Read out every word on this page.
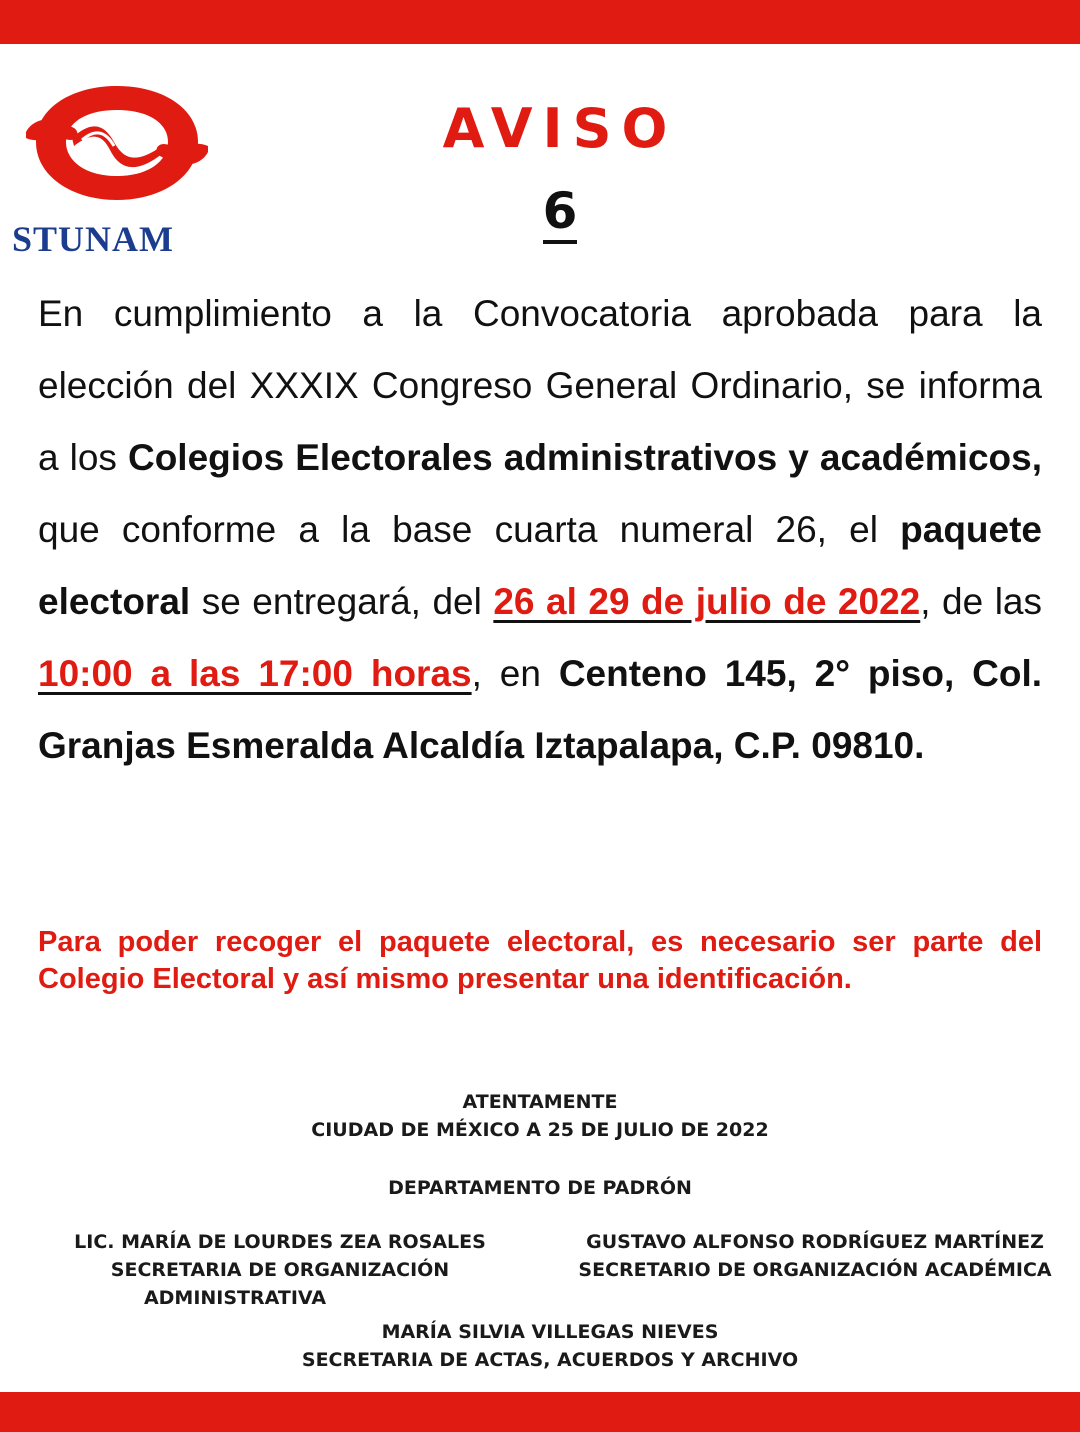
STUNAM
AVISO
6
En cumplimiento a la Convocatoria aprobada para la elección del XXXIX Congreso General Ordinario, se informa a los Colegios Electorales administrativos y académicos, que conforme a la base cuarta numeral 26, el paquete electoral se entregará, del 26 al 29 de julio de 2022, de las 10:00 a las 17:00 horas, en Centeno 145, 2° piso, Col. Granjas Esmeralda Alcaldía Iztapalapa, C.P. 09810.
Para poder recoger el paquete electoral, es necesario ser parte del Colegio Electoral y así mismo presentar una identificación.
ATENTAMENTE
CIUDAD DE MÉXICO A 25 DE JULIO DE 2022
DEPARTAMENTO DE PADRÓN
LIC. MARÍA DE LOURDES ZEA ROSALES
SECRETARIA DE ORGANIZACIÓN
ADMINISTRATIVA
GUSTAVO ALFONSO RODRÍGUEZ MARTÍNEZ
SECRETARIO DE ORGANIZACIÓN ACADÉMICA
MARÍA SILVIA VILLEGAS NIEVES
SECRETARIA DE ACTAS, ACUERDOS Y ARCHIVO
